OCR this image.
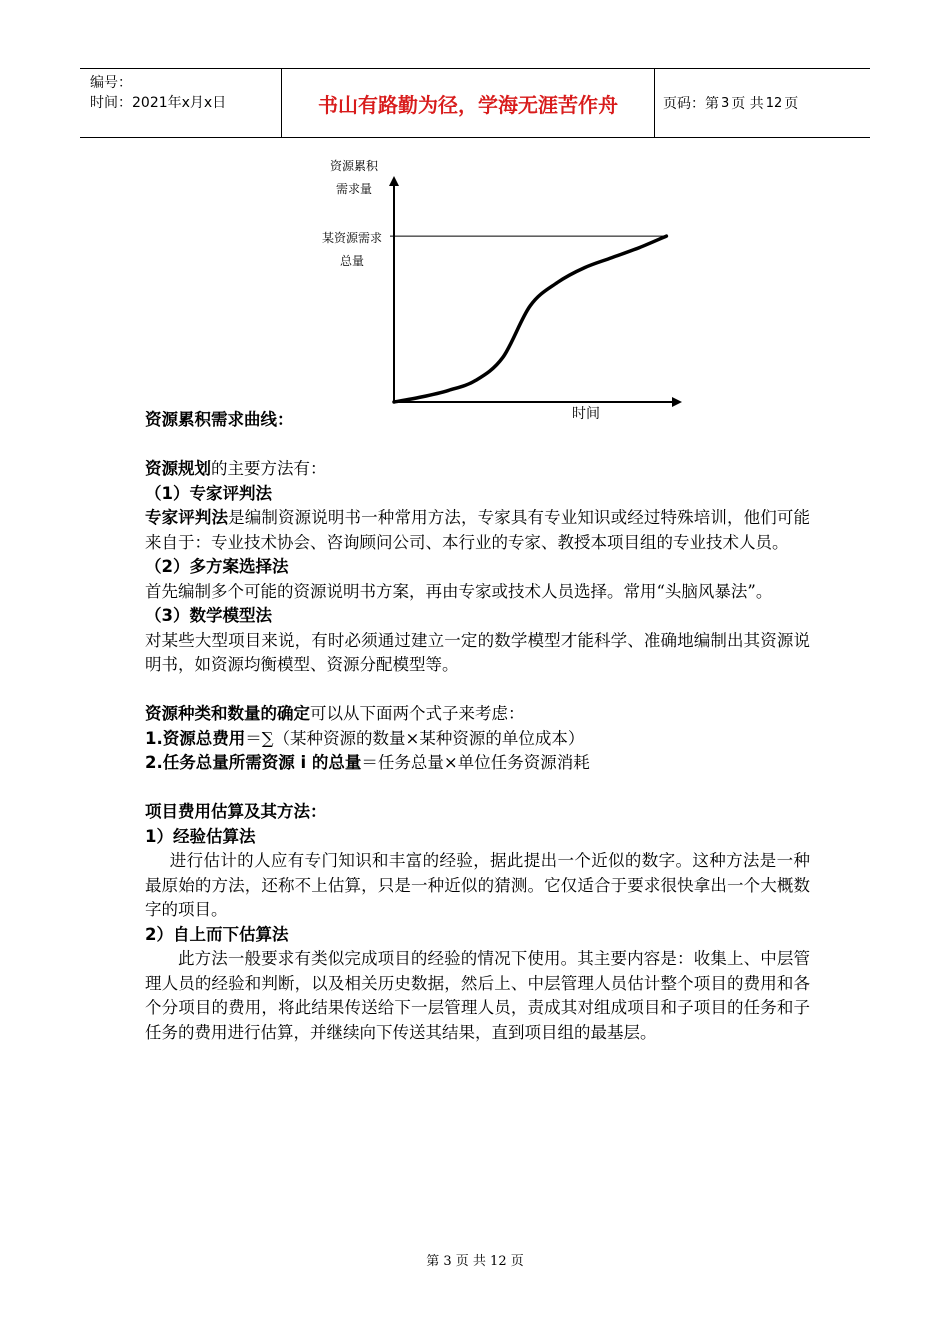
编号：
时间：2021年x月x日	书山有路勤为径，学海无涯苦作舟	页码：第 3 页 共 12 页
资源累积
需求量
某资源需求
总量
时间

资源累积需求曲线：

资源规划的主要方法有：

（1）专家评判法

专家评判法是编制资源说明书一种常用方法，专家具有专业知识或经过特殊培训，他们可能来自于：专业技术协会、咨询顾问公司、本行业的专家、教授本项目组的专业技术人员。

（2）多方案选择法

首先编制多个可能的资源说明书方案，再由专家或技术人员选择。常用“头脑风暴法”。

（3）数学模型法

对某些大型项目来说，有时必须通过建立一定的数学模型才能科学、准确地编制出其资源说明书，如资源均衡模型、资源分配模型等。

资源种类和数量的确定可以从下面两个式子来考虑：

1.资源总费用＝∑（某种资源的数量×某种资源的单位成本）

2.任务总量所需资源 i 的总量＝任务总量×单位任务资源消耗

项目费用估算及其方法：

1）经验估算法

进行估计的人应有专门知识和丰富的经验，据此提出一个近似的数字。这种方法是一种最原始的方法，还称不上估算，只是一种近似的猜测。它仅适合于要求很快拿出一个大概数字的项目。

2）自上而下估算法

此方法一般要求有类似完成项目的经验的情况下使用。其主要内容是：收集上、中层管理人员的经验和判断，以及相关历史数据，然后上、中层管理人员估计整个项目的费用和各个分项目的费用，将此结果传送给下一层管理人员，责成其对组成项目和子项目的任务和子任务的费用进行估算，并继续向下传送其结果，直到项目组的最基层。

第 3 页 共 12 页
